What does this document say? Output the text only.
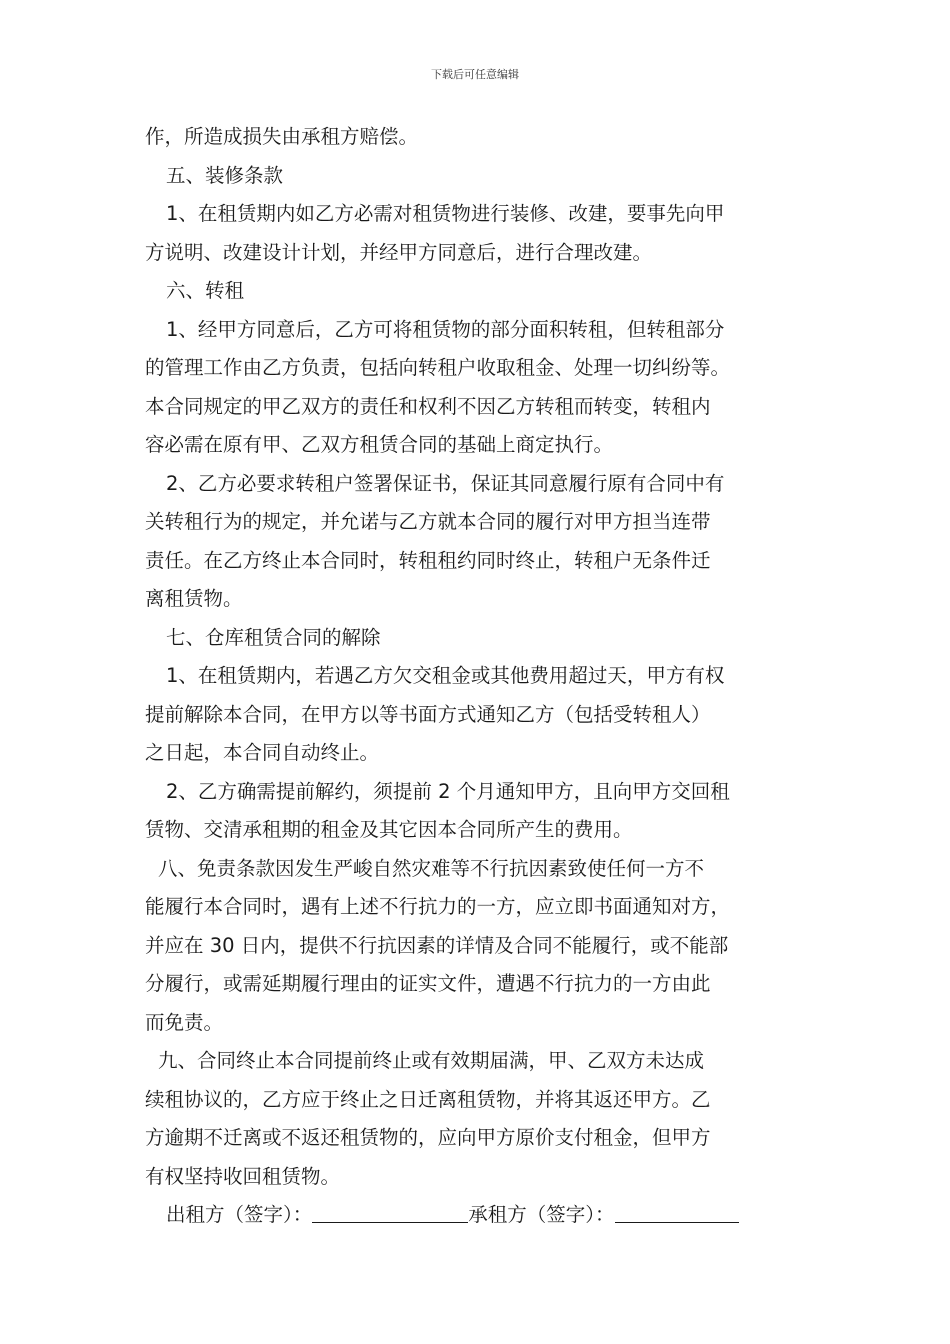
下载后可任意编辑
作，所造成损失由承租方赔偿。
五、装修条款
1、在租赁期内如乙方必需对租赁物进行装修、改建，要事先向甲
方说明、改建设计计划，并经甲方同意后，进行合理改建。
六、转租
1、经甲方同意后，乙方可将租赁物的部分面积转租，但转租部分
的管理工作由乙方负责，包括向转租户收取租金、处理一切纠纷等。
本合同规定的甲乙双方的责任和权利不因乙方转租而转变，转租内
容必需在原有甲、乙双方租赁合同的基础上商定执行。
2、乙方必要求转租户签署保证书，保证其同意履行原有合同中有
关转租行为的规定，并允诺与乙方就本合同的履行对甲方担当连带
责任。在乙方终止本合同时，转租租约同时终止，转租户无条件迁
离租赁物。
七、仓库租赁合同的解除
1、在租赁期内，若遇乙方欠交租金或其他费用超过天，甲方有权
提前解除本合同，在甲方以等书面方式通知乙方（包括受转租人）
之日起，本合同自动终止。
2、乙方确需提前解约，须提前 2 个月通知甲方，且向甲方交回租
赁物、交清承租期的租金及其它因本合同所产生的费用。
八、免责条款因发生严峻自然灾难等不行抗因素致使任何一方不
能履行本合同时，遇有上述不行抗力的一方，应立即书面通知对方，
并应在 30 日内，提供不行抗因素的详情及合同不能履行，或不能部
分履行，或需延期履行理由的证实文件，遭遇不行抗力的一方由此
而免责。
九、合同终止本合同提前终止或有效期届满，甲、乙双方未达成
续租协议的，乙方应于终止之日迁离租赁物，并将其返还甲方。乙
方逾期不迁离或不返还租赁物的，应向甲方原价支付租金，但甲方
有权坚持收回租赁物。
出租方（签字）：	承租方（签字）：
